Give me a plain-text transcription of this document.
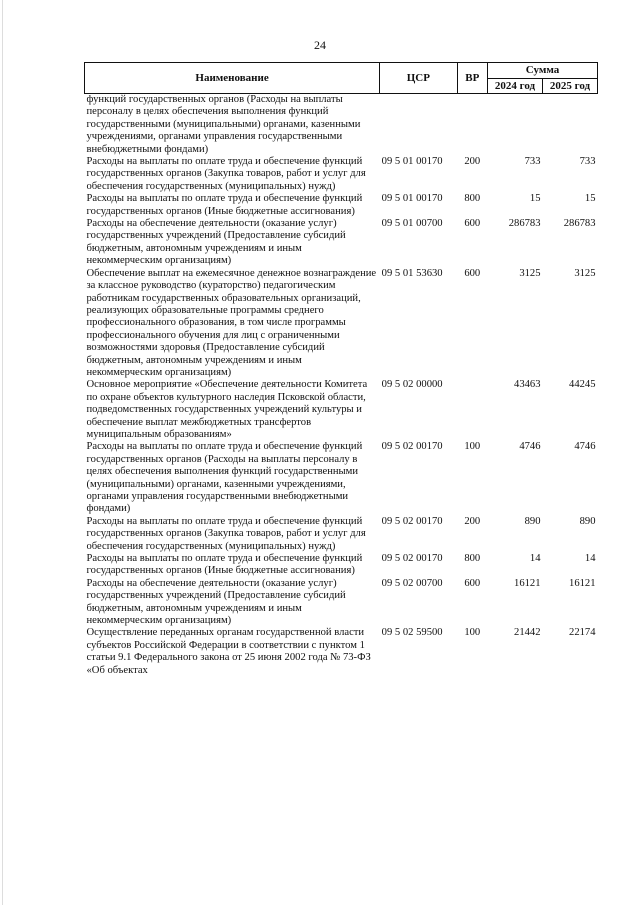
24
Наименование	ЦСР	ВР	Сумма	
			2024 год	2025 год
функций государственных органов (Расходы на выплаты персоналу в целях обеспечения выполнения функций государственными (муниципальными) органами, казенными учреждениями, органами управления государственными внебюджетными фондами)				
Расходы на выплаты по оплате труда и обеспечение функций государственных органов (Закупка товаров, работ и услуг для обеспечения государственных (муниципальных) нужд)	09 5 01 00170	200	733	733
Расходы на выплаты по оплате труда и обеспечение функций государственных органов (Иные бюджетные ассигнования)	09 5 01 00170	800	15	15
Расходы на обеспечение деятельности (оказание услуг) государственных учреждений (Предоставление субсидий бюджетным, автономным учреждениям и иным некоммерческим организациям)	09 5 01 00700	600	286783	286783
Обеспечение выплат на ежемесячное денежное вознаграждение за классное руководство (кураторство) педагогическим работникам государственных образовательных организаций, реализующих образовательные программы среднего профессионального образования, в том числе программы профессионального обучения для лиц с ограниченными возможностями здоровья (Предоставление субсидий бюджетным, автономным учреждениям и иным некоммерческим организациям)	09 5 01 53630	600	3125	3125
Основное мероприятие «Обеспечение деятельности Комитета по охране объектов культурного наследия Псковской области, подведомственных государственных учреждений культуры и обеспечение выплат межбюджетных трансфертов муниципальным образованиям»	09 5 02 00000		43463	44245
Расходы на выплаты по оплате труда и обеспечение функций государственных органов (Расходы на выплаты персоналу в целях обеспечения выполнения функций государственными (муниципальными) органами, казенными учреждениями, органами управления государственными внебюджетными фондами)	09 5 02 00170	100	4746	4746
Расходы на выплаты по оплате труда и обеспечение функций государственных органов (Закупка товаров, работ и услуг для обеспечения государственных (муниципальных) нужд)	09 5 02 00170	200	890	890
Расходы на выплаты по оплате труда и обеспечение функций государственных органов (Иные бюджетные ассигнования)	09 5 02 00170	800	14	14
Расходы на обеспечение деятельности (оказание услуг) государственных учреждений (Предоставление субсидий бюджетным, автономным учреждениям и иным некоммерческим организациям)	09 5 02 00700	600	16121	16121
Осуществление переданных органам государственной власти субъектов Российской Федерации в соответствии с пунктом 1 статьи 9.1 Федерального закона от 25 июня 2002 года № 73-ФЗ «Об объектах	09 5 02 59500	100	21442	22174
